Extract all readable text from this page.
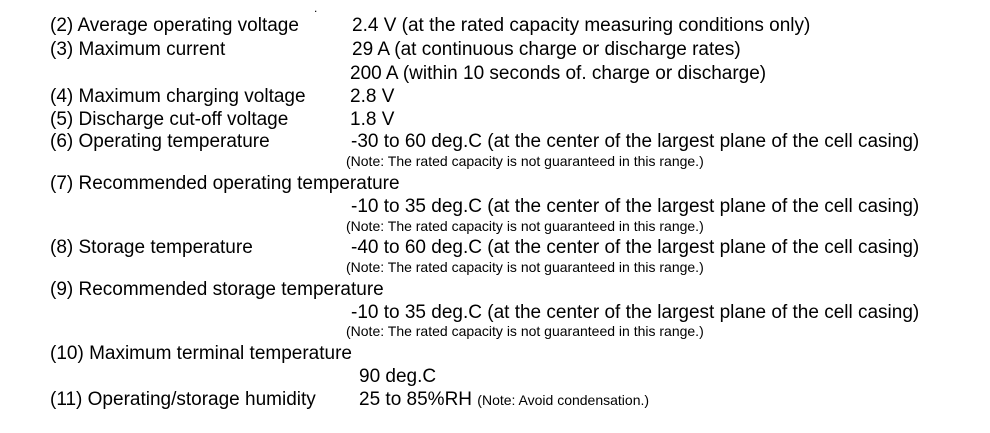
.
(2) Average operating voltage	2.4 V (at the rated capacity measuring conditions only)
(3) Maximum current	29 A (at continuous charge or discharge rates)
200 A (within 10 seconds of. charge or discharge)
(4) Maximum charging voltage 2.8 V
(5) Discharge cut-off voltage	1.8 V
(6) Operating temperature	-30 to 60 deg.C (at the center of the largest plane of the cell casing)
(Note: The rated capacity is not guaranteed in this range.)
(7) Recommended operating temperature
-10 to 35 deg.C (at the center of the largest plane of the cell casing)
(Note: The rated capacity is not guaranteed in this range.)
(8) Storage temperature	-40 to 60 deg.C (at the center of the largest plane of the cell casing)
(Note: The rated capacity is not guaranteed in this range.)
(9) Recommended storage temperature
-10 to 35 deg.C (at the center of the largest plane of the cell casing)
(Note: The rated capacity is not guaranteed in this range.)
(10) Maximum terminal temperature
90 deg.C
(11) Operating/storage humidity 25 to 85%RH (Note: Avoid condensation.)
